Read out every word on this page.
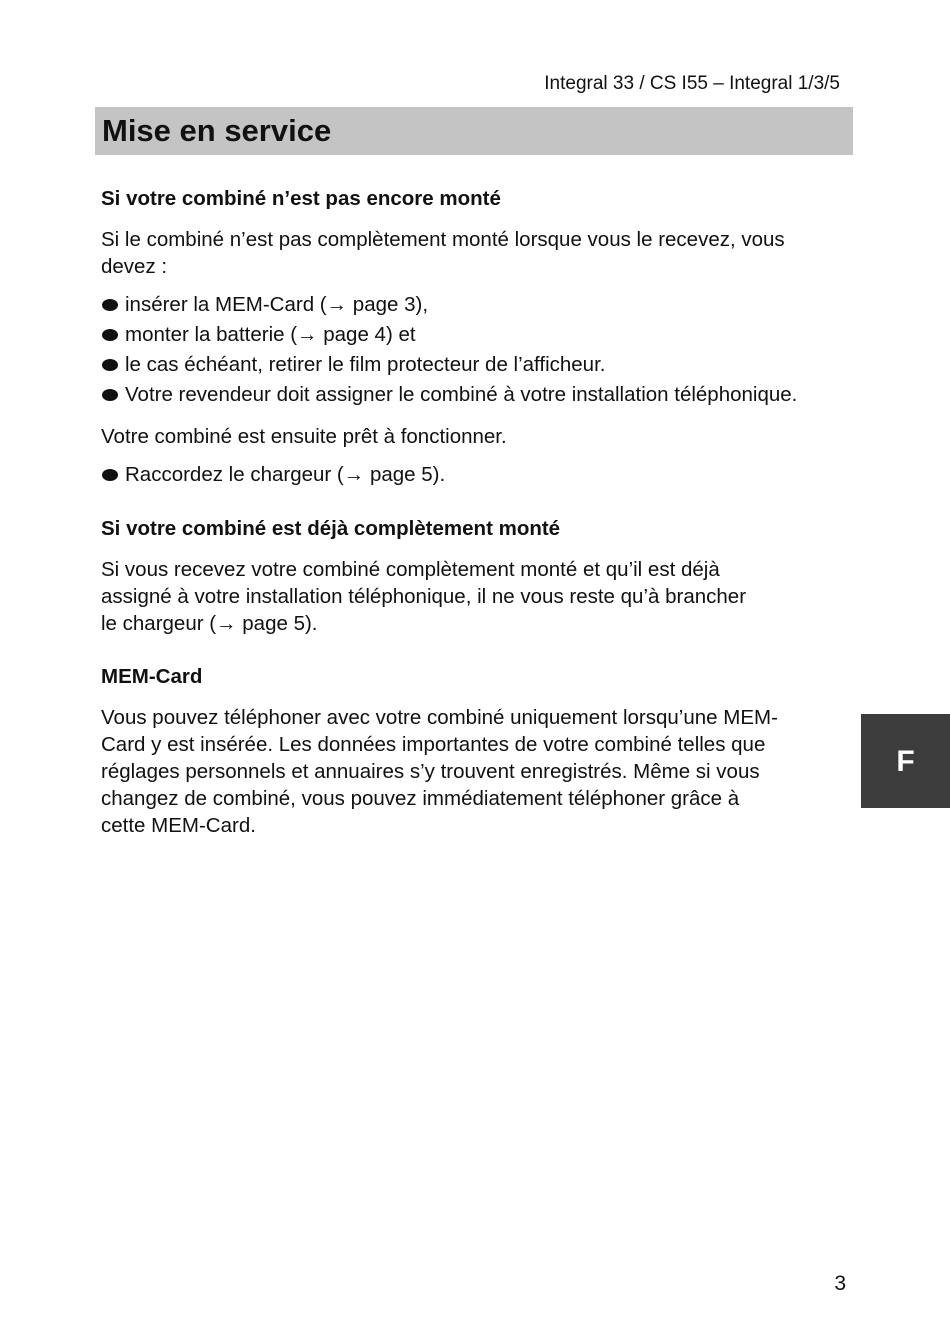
Integral 33 / CS I55 – Integral 1/3/5
Mise en service
Si votre combiné n’est pas encore monté

Si le combiné n’est pas complètement monté lorsque vous le recevez, vous
devez :

insérer la MEM-Card (→ page 3),
monter la batterie (→ page 4) et
le cas échéant, retirer le film protecteur de l’afficheur.
Votre revendeur doit assigner le combiné à votre installation téléphonique.

Votre combiné est ensuite prêt à fonctionner.

Raccordez le chargeur (→ page 5).
Si votre combiné est déjà complètement monté

Si vous recevez votre combiné complètement monté et qu’il est déjà
assigné à votre installation téléphonique, il ne vous reste qu’à brancher
le chargeur (→ page 5).

MEM-Card

Vous pouvez téléphoner avec votre combiné uniquement lorsqu’une MEM-
Card y est insérée. Les données importantes de votre combiné telles que
réglages personnels et annuaires s’y trouvent enregistrés. Même si vous
changez de combiné, vous pouvez immédiatement téléphoner grâce à
cette MEM-Card.

F
3
